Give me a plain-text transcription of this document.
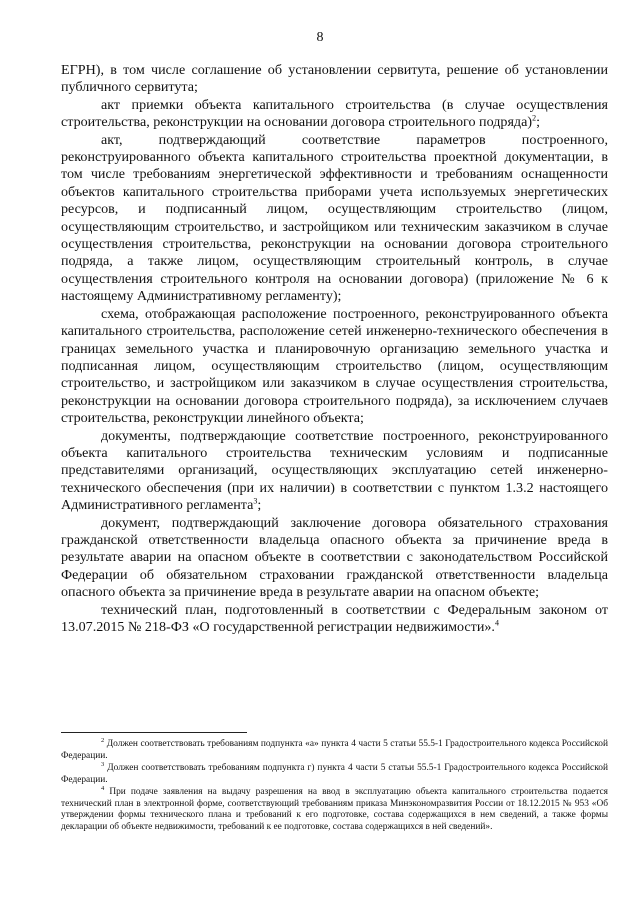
8

ЕГРН), в том числе соглашение об установлении сервитута, решение об установлении публичного сервитута;

акт приемки объекта капитального строительства (в случае осуществления строительства, реконструкции на основании договора строительного подряда)$^2$;

акт, подтверждающий соответствие параметров построенного, реконструированного объекта капитального строительства проектной документации, в том числе требованиям энергетической эффективности и требованиям оснащенности объектов капитального строительства приборами учета используемых энергетических ресурсов, и подписанный лицом, осуществляющим строительство (лицом, осуществляющим строительство, и застройщиком или техническим заказчиком в случае осуществления строительства, реконструкции на основании договора строительного подряда, а также лицом, осуществляющим строительный контроль, в случае осуществления строительного контроля на основании договора) (приложение № 6 к настоящему Административному регламенту);

схема, отображающая расположение построенного, реконструированного объекта капитального строительства, расположение сетей инженерно-технического обеспечения в границах земельного участка и планировочную организацию земельного участка и подписанная лицом, осуществляющим строительство (лицом, осуществляющим строительство, и застройщиком или заказчиком в случае осуществления строительства, реконструкции на основании договора строительного подряда), за исключением случаев строительства, реконструкции линейного объекта;

документы, подтверждающие соответствие построенного, реконструированного объекта капитального строительства техническим условиям и подписанные представителями организаций, осуществляющих эксплуатацию сетей инженерно-технического обеспечения (при их наличии) в соответствии с пунктом 1.3.2 настоящего Административного регламента$^3$;

документ, подтверждающий заключение договора обязательного страхования гражданской ответственности владельца опасного объекта за причинение вреда в результате аварии на опасном объекте в соответствии с законодательством Российской Федерации об обязательном страховании гражданской ответственности владельца опасного объекта за причинение вреда в результате аварии на опасном объекте;

технический план, подготовленный в соответствии с Федеральным законом от 13.07.2015 № 218-ФЗ «О государственной регистрации недвижимости».$^4$

$^2$ Должен соответствовать требованиям подпункта «а» пункта 4 части 5 статьи 55.5-1 Градостроительного кодекса Российской Федерации.

$^3$ Должен соответствовать требованиям подпункта г) пункта 4 части 5 статьи 55.5-1 Градостроительного кодекса Российской Федерации.

$^4$ При подаче заявления на выдачу разрешения на ввод в эксплуатацию объекта капитального строительства подается технический план в электронной форме, соответствующий требованиям приказа Минэкономразвития России от 18.12.2015 № 953 «Об утверждении формы технического плана и требований к его подготовке, состава содержащихся в нем сведений, а также формы декларации об объекте недвижимости, требований к ее подготовке, состава содержащихся в ней сведений».
